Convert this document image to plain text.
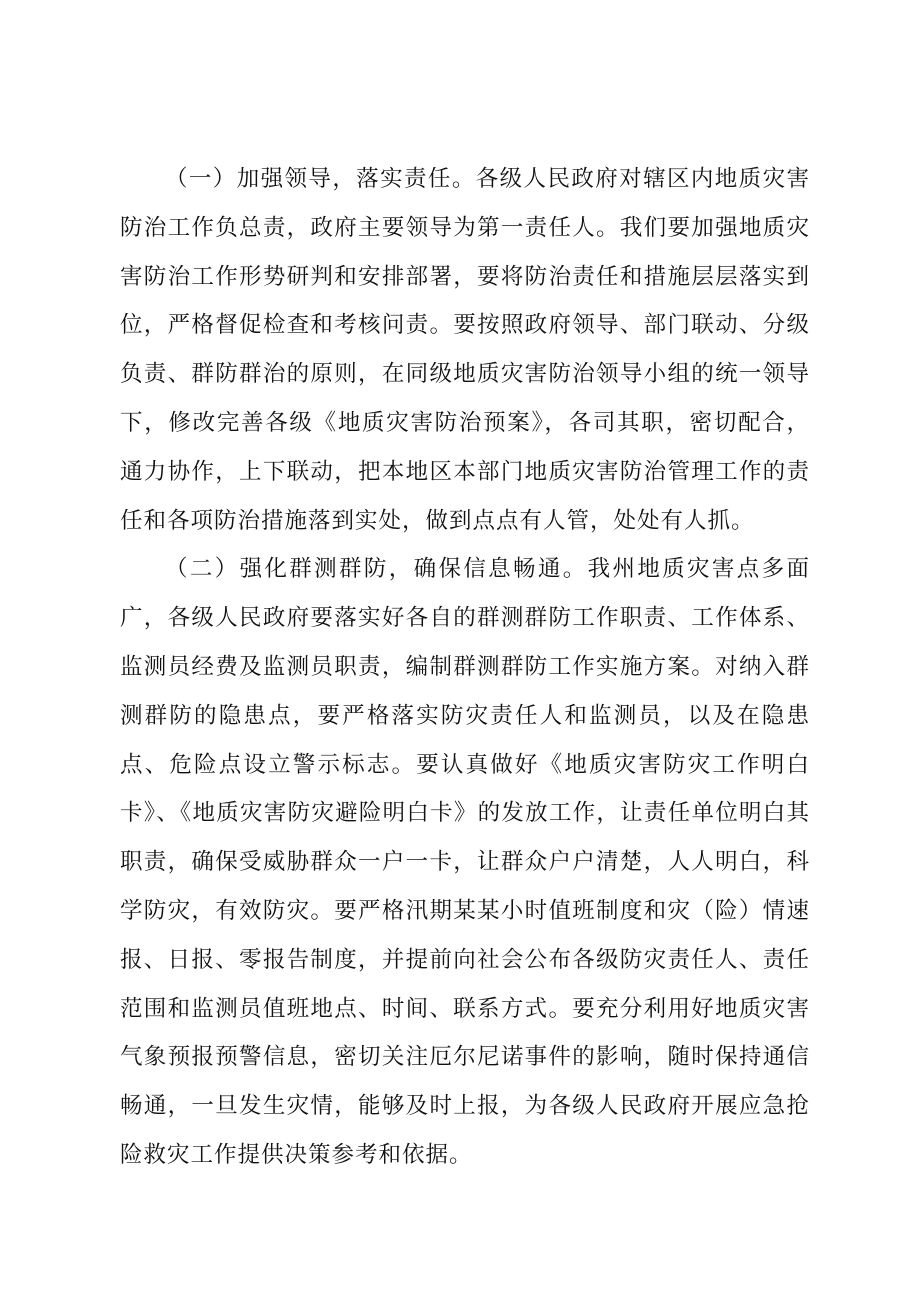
（一）加强领导，落实责任。各级人民政府对辖区内地质灾害防治工作负总责，政府主要领导为第一责任人。我们要加强地质灾害防治工作形势研判和安排部署，要将防治责任和措施层层落实到位，严格督促检查和考核问责。要按照政府领导、部门联动、分级负责、群防群治的原则，在同级地质灾害防治领导小组的统一领导下，修改完善各级《地质灾害防治预案》，各司其职，密切配合，通力协作，上下联动，把本地区本部门地质灾害防治管理工作的责任和各项防治措施落到实处，做到点点有人管，处处有人抓。

（二）强化群测群防，确保信息畅通。我州地质灾害点多面广，各级人民政府要落实好各自的群测群防工作职责、工作体系、监测员经费及监测员职责，编制群测群防工作实施方案。对纳入群测群防的隐患点，要严格落实防灾责任人和监测员，以及在隐患点、危险点设立警示标志。要认真做好《地质灾害防灾工作明白卡》、《地质灾害防灾避险明白卡》的发放工作，让责任单位明白其职责，确保受威胁群众一户一卡，让群众户户清楚，人人明白，科学防灾，有效防灾。要严格汛期某某小时值班制度和灾（险）情速报、日报、零报告制度，并提前向社会公布各级防灾责任人、责任范围和监测员值班地点、时间、联系方式。要充分利用好地质灾害气象预报预警信息，密切关注厄尔尼诺事件的影响，随时保持通信畅通，一旦发生灾情，能够及时上报，为各级人民政府开展应急抢险救灾工作提供决策参考和依据。
